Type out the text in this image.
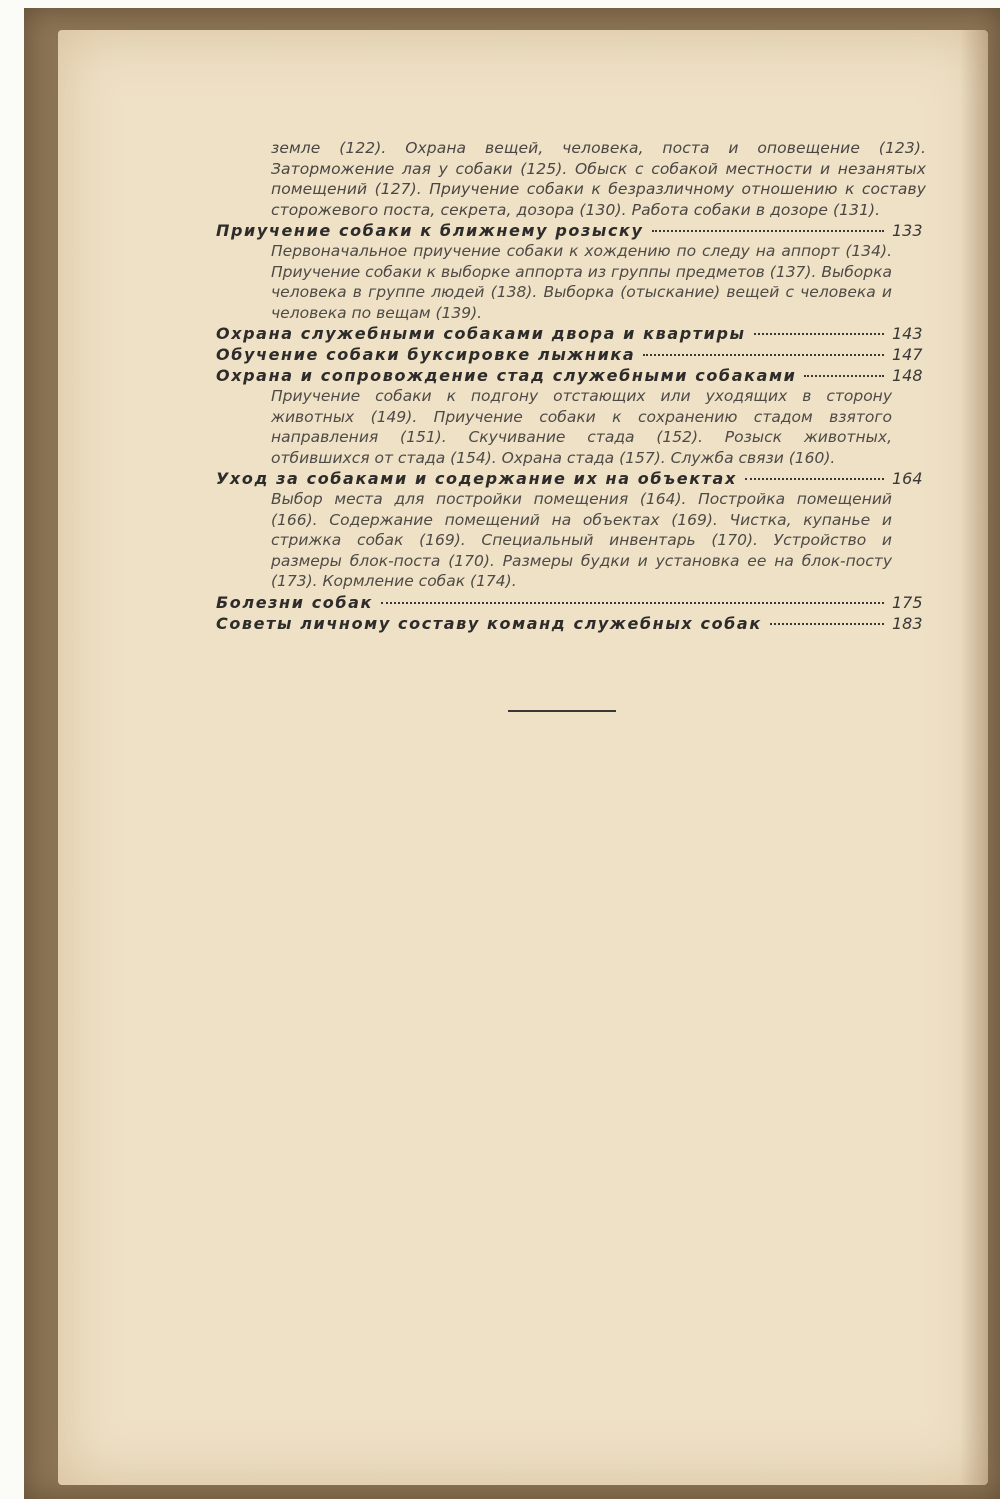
земле (122). Охрана вещей, человека, поста и оповещение (123). Заторможение лая у собаки (125). Обыск с собакой местности и незанятых помещений (127). Приучение собаки к безразличному отношению к составу сторожевого поста, секрета, дозора (130). Работа собаки в дозоре (131).

Приучение собаки к ближнему розыску	133

Первоначальное приучение собаки к хождению по следу на аппорт (134). Приучение собаки к выборке аппорта из группы предметов (137). Выборка человека в группе людей (138). Выборка (отыскание) вещей с человека и человека по вещам (139).

Охрана служебными собаками двора и квартиры	143
Обучение собаки буксировке лыжника	147
Охрана и сопровождение стад служебными собаками	148

Приучение собаки к подгону отстающих или уходящих в сторону животных (149). Приучение собаки к сохранению стадом взятого направления (151). Скучивание стада (152). Розыск животных, отбившихся от стада (154). Охрана стада (157). Служба связи (160).

Уход за собаками и содержание их на объектах	164

Выбор места для постройки помещения (164). Постройка помещений (166). Содержание помещений на объектах (169). Чистка, купанье и стрижка собак (169). Специальный инвентарь (170). Устройство и размеры блок-поста (170). Размеры будки и установка ее на блок-посту (173). Кормление собак (174).

Болезни собак	175
Советы личному составу команд служебных собак	183
